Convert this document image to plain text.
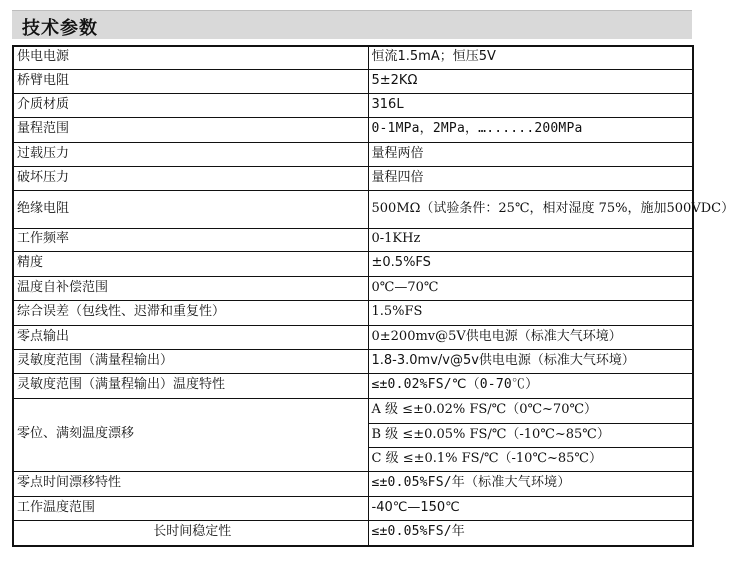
技术参数
供电电源	恒流1.5mA；恒压5V
桥臂电阻	5±2KΩ
介质材质	316L
量程范围	0-1MPa，2MPa，…......200MPa
过载压力	量程两倍
破坏压力	量程四倍
绝缘电阻	500MΩ（试验条件：25℃，相对湿度 75%，施加500VDC）
工作频率	0-1KHz
精度	±0.5%FS
温度自补偿范围	0℃—70℃
综合误差（包线性、迟滞和重复性）	1.5%FS
零点输出	0±200mv@5V供电电源（标准大气环境）
灵敏度范围（满量程输出）	1.8-3.0mv/v@5v供电电源（标准大气环境）
灵敏度范围（满量程输出）温度特性	≤±0.02%FS/℃（0-70℃）
零位、满刻温度漂移	A 级 ≤±0.02% FS/℃（0℃~70℃）
	B 级 ≤±0.05% FS/℃（-10℃~85℃）
	C 级 ≤±0.1% FS/℃（-10℃~85℃）
零点时间漂移特性	≤±0.05%FS/年（标准大气环境）
工作温度范围	-40℃—150℃
长时间稳定性	≤±0.05%FS/年
